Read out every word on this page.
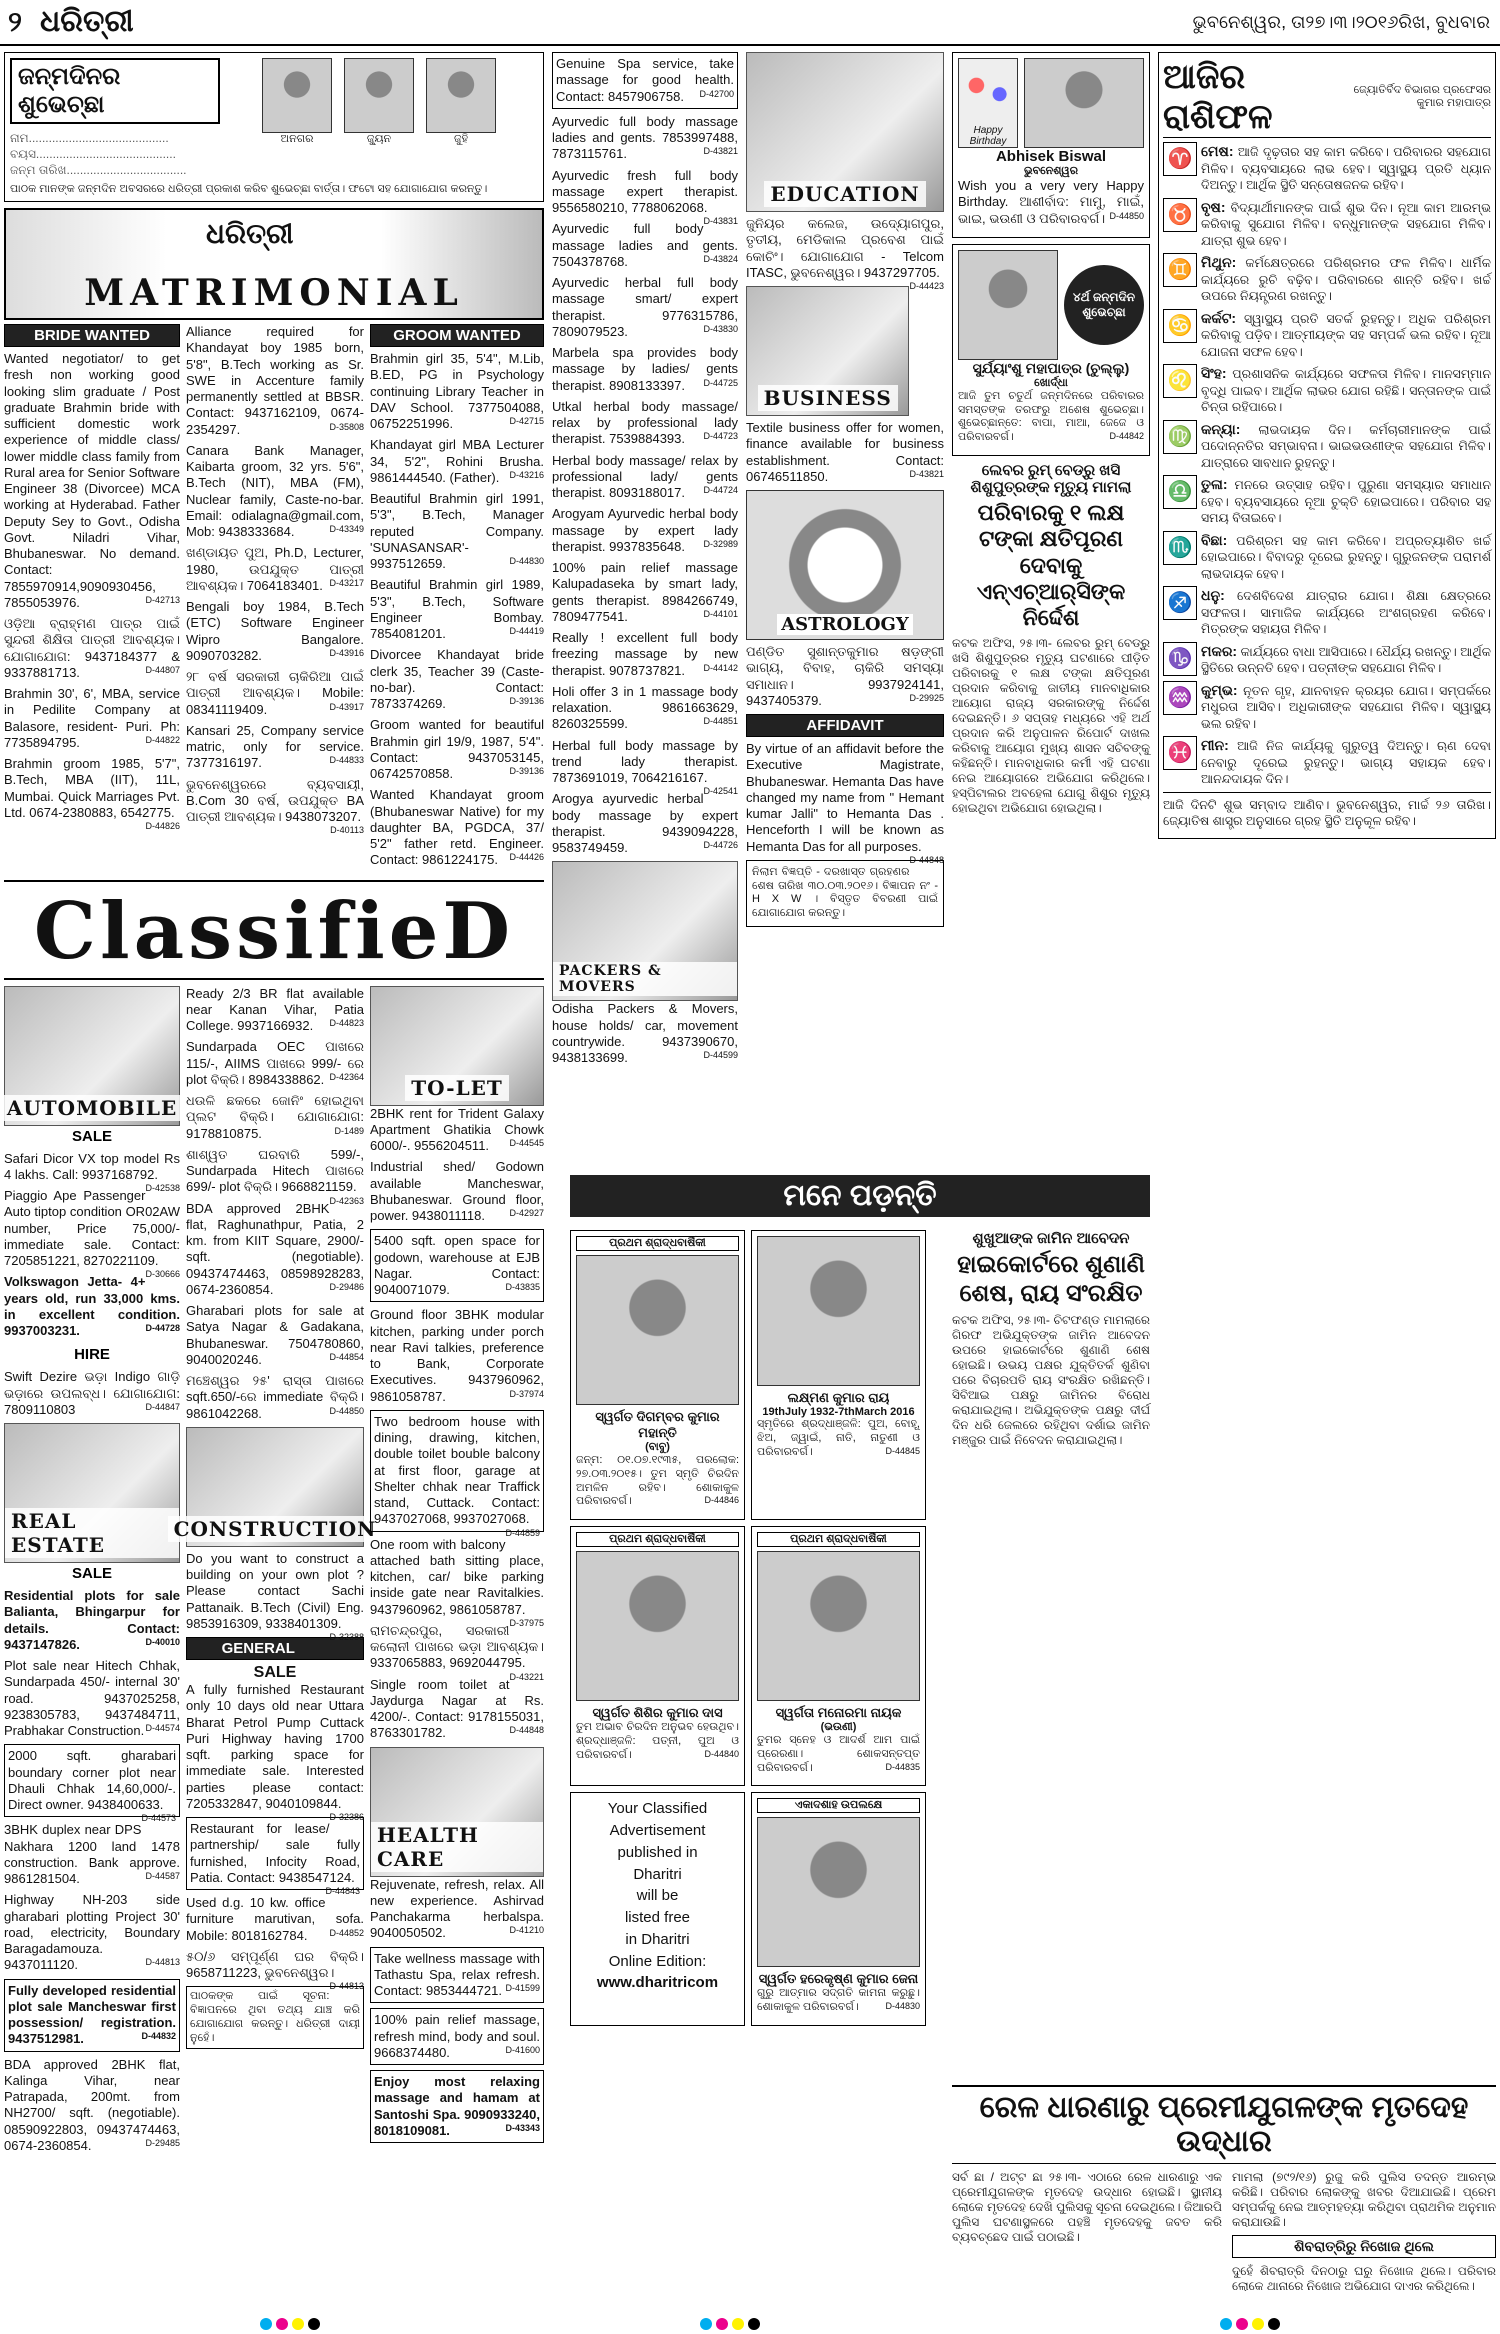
୨ ଧରିତ୍ରୀ	ଭୁବନେଶ୍ୱର, ତା୨୭।୩।୨୦୧୬ରିଖ, ବୁଧବାର
ଜନ୍ମଦିନର ଶୁଭେଚ୍ଛା
ନାମ..........................................
ବୟସ..........................................
ଜନ୍ମ ତାରିଖ....................................
ଅନଗର	ଜ୍ୟୁନ	ଜୁହି
ପାଠକ ମାନଙ୍କ ଜନ୍ମଦିନ ଅବସରରେ ଧରିତ୍ରୀ ପ୍ରକାଶ କରିବ ଶୁଭେଚ୍ଛା ବାର୍ତ୍ତା। ଫଟୋ ସହ ଯୋଗାଯୋଗ କରନ୍ତୁ।
MATRIMONIAL
ଧରିତ୍ରୀ
BRIDE WANTED
Wanted negotiator/ to get fresh non working good looking slim graduate / Post graduate Brahmin bride with sufficient domestic work experience of middle class/ lower middle class family from Rural area for Senior Software Engineer 38 (Divorcee) MCA working at Hyderabad. Father Deputy Sey to Govt., Odisha Govt. Niladri Vihar, Bhubaneswar. No demand. Contact: 7855970914,9090930456, 7855053976.	D-42713
ଓଡ଼ିଆ ବ୍ରାହ୍ମଣ ପାତ୍ର ପାଇଁ ସୁନ୍ଦରୀ ଶିକ୍ଷିତା ପାତ୍ରୀ ଆବଶ୍ୟକ। ଯୋଗାଯୋଗ: 9437184377 & 9337881713.	D-44807
Brahmin 30', 6', MBA, service in Pedilite Company at Balasore, resident- Puri. Ph: 7735894795.	D-44822
Brahmin groom 1985, 5'7", B.Tech, MBA (IIT), 11L, Mumbai. Quick Marriages Pvt. Ltd. 0674-2380883, 6542775.
D-44826
Alliance required for Khandayat boy 1985 born, 5'8", B.Tech working as Sr. SWE in Accenture family permanently settled at BBSR. Contact: 9437162109, 0674-2354297.	D-35808
Canara Bank Manager, Kaibarta groom, 32 yrs. 5'6", B.Tech (NIT), MBA (FM), Nuclear family, Caste-no-bar. Email: odialagna@gmail.com, Mob: 9438333684.	D-43349
ଖଣ୍ଡାୟତ ପୁଅ, Ph.D, Lecturer, 1980, ଉପଯୁକ୍ତ ପାତ୍ରୀ ଆବଶ୍ୟକ। 7064183401. D-43217
Bengali boy 1984, B.Tech (ETC) Software Engineer Wipro Bangalore. 9090703282.	D-43916
୨୮ ବର୍ଷ ସରକାରୀ ଚାକିରିଆ ପାଇଁ ପାତ୍ରୀ ଆବଶ୍ୟକ। Mobile: 08341119409.	D-43917
Kansari 25, Company service matric, only for service. 7377316197.	D-44833
ଭୁବନେଶ୍ୱରରେ ବ୍ୟବସାୟୀ, B.Com 30 ବର୍ଷ, ଉପଯୁକ୍ତ BA ପାତ୍ରୀ ଆବଶ୍ୟକ। 9438073207.
D-40113
GROOM WANTED
Brahmin girl 35, 5'4", M.Lib, B.ED, PG in Psychology continuing Library Teacher in DAV School. 7377504088, 06752251996.	D-42715
Khandayat girl MBA Lecturer 34, 5'2", Rohini Brusha. 9861444540. (Father). D-43216
Beautiful Brahmin girl 1991, 5'3", B.Tech, Manager reputed Company. 'SUNASANSAR'- 9937512659.	D-44830
Beautiful Brahmin girl 1989, 5'3", B.Tech, Software Engineer Bombay. 7854081201.	D-44419
Divorcee Khandayat bride clerk 35, Teacher 39 (Caste-no-bar). Contact: 7873374269.	D-39136
Groom wanted for beautiful Brahmin girl 19/9, 1987, 5'4". Contact: 9437053145, 06742570858.	D-39136
Wanted Khandayat groom (Bhubaneswar Native) for my daughter BA, PGDCA, 37/ 5'2" father retd. Engineer. Contact: 9861224175. D-44426
ClassifieD
AUTOMOBILE
SALE
Safari Dicor VX top model Rs 4 lakhs. Call: 9937168792.
D-42538
Piaggio Ape Passenger Auto tiptop condition OR02AW number, Price 75,000/- immediate sale. Contact: 7205851221, 8270221109.
D-30666
Volkswagon Jetta- 4+ years old, run 33,000 kms. in excellent condition. 9937003231.	D-44728
HIRE
Swift Dezire ଭଡ଼ା Indigo ଗାଡ଼ି ଭଡ଼ାରେ ଉପଲବ୍ଧ। ଯୋଗାଯୋଗ: 7809110803	D-44847
REAL ESTATE
SALE
Residential plots for sale Balianta, Bhingarpur for details. Contact: 9437147826.	D-40010
Plot sale near Hitech Chhak, Sundarpada 450/- internal 30' road. 9437025258, 9238305783, 9437484711, Prabhakar Construction. D-44574
2000 sqft. gharabari boundary corner plot near Dhauli Chhak 14,60,000/-. Direct owner. 9438400633.
D-44573
3BHK duplex near DPS Nakhara 1200 land 1478 construction. Bank approve. 9861281504.	D-44587
Highway NH-203 side gharabari plotting Project 30' road, electricity, Boundary Baragadamouza. 9437011120.	D-44813
Fully developed residential plot sale Mancheswar first possession/ registration. 9437512981.	D-44832
BDA approved 2BHK flat, Kalinga Vihar, near Patrapada, 200mt. from NH2700/ sqft. (negotiable). 08590922803, 09437474463, 0674-2360854.	D-29485
Ready 2/3 BR flat available near Kanan Vihar, Patia College. 9937166932. D-44823
Sundarpada OEC ପାଖରେ 115/-, AIIMS ପାଖରେ 999/- ରେ plot ବିକ୍ରି। 8984338862. D-42364
ଧଉଳି ଛକରେ ଜୋନିଂ ହୋଇଥିବା ପ୍ଲଟ ବିକ୍ରି। ଯୋଗାଯୋଗ: 9178810875.	D-1489
ଶାଶ୍ୱତ ଘରବାରି 599/-, Sundarpada Hitech ପାଖରେ 699/- plot ବିକ୍ରି। 9668821159.
D-42363
BDA approved 2BHK flat, Raghunathpur, Patia, 2 km. from KIIT Square, 2900/- sqft. (negotiable). 09437474463, 08598928283, 0674-2360854.	D-29486
Gharabari plots for sale at Satya Nagar & Gadakana, Bhubaneswar. 7504780860, 9040020246.	D-44854
ମଞ୍ଚେଶ୍ୱର ୨୫' ରାସ୍ତା ପାଖରେ sqft.650/-ରେ immediate ବିକ୍ରି। 9861042268.	D-44850
CONSTRUCTION
Do you want to construct a building on your own plot ? Please contact Sachi Pattanaik. B.Tech (Civil) Eng. 9853916309, 9338401309.
D-32388
GENERAL
SALE
A fully furnished Restaurant only 10 days old near Uttara Bharat Petrol Pump Cuttack Puri Highway having 1700 sqft. parking space for immediate sale. Interested parties please contact: 7205332847, 9040109844.
D-32386
Restaurant for lease/ partnership/ sale fully furnished, Infocity Road, Patia. Contact: 9438547124.
D-44843
Used d.g. 10 kw. office furniture marutivan, sofa. Mobile: 8018162784. D-44852
୫୦/୬ ସମ୍ପୂର୍ଣ୍ଣ ଘର ବିକ୍ରି। 9658711223, ଭୁବନେଶ୍ୱର।
D-44813
ପାଠକଙ୍କ ପାଇଁ ସୂଚନା: ବିଜ୍ଞାପନରେ ଥିବା ତଥ୍ୟ ଯାଞ୍ଚ କରି ଯୋଗାଯୋଗ କରନ୍ତୁ। ଧରିତ୍ରୀ ଦାୟୀ ନୁହେଁ।
TO-LET
2BHK rent for Trident Galaxy Apartment Ghatikia Chowk 6000/-. 9556204511. D-44545
Industrial shed/ Godown available Mancheswar, Bhubaneswar. Ground floor, power. 9438011118.	D-42927
5400 sqft. open space for godown, warehouse at EJB Nagar. Contact: 9040071079.	D-43835
Ground floor 3BHK modular kitchen, parking under porch near Ravi talkies, preference to Bank, Corporate Executives. 9437960962, 9861058787.	D-37974
Two bedroom house with dining, drawing, kitchen, double toilet bouble balcony at first floor, garage at Shelter chhak near Traffick stand, Cuttack. Contact: 9437027068, 9937027068.
D-44859
One room with balcony attached bath sitting place, kitchen, car/ bike parking inside gate near Ravitalkies. 9437960962, 9861058787.
D-37975
ରାମଚନ୍ଦ୍ରପୁର, ସରକାରୀ କଲୋନୀ ପାଖରେ ଭଡ଼ା ଆବଶ୍ୟକ। 9337065883, 9692044795.
D-43221
Single room toilet at Jaydurga Nagar at Rs. 4200/-. Contact: 9178155031, 8763301782.	D-44848
HEALTH CARE
Rejuvenate, refresh, relax. All new experience. Ashirvad Panchakarma herbalspa. 9040050502.	D-41210
Take wellness massage with Tathastu Spa, relax refresh. Contact: 9853444721. D-41599
100% pain relief massage, refresh mind, body and soul. 9668374480.	D-41600
Enjoy most relaxing massage and hamam at Santoshi Spa. 9090933240, 8018109081.	D-43343
Genuine Spa service, take massage for good health. Contact: 8457906758. D-42700
Ayurvedic full body massage ladies and gents. 7853997488, 7873115761.	D-43821
Ayurvedic fresh full body massage expert therapist. 9556580210, 7788062068.
D-43831
Ayurvedic full body massage ladies and gents. 7504378768.	D-43824
Ayurvedic herbal full body massage smart/ expert therapist. 9776315786, 7809079523.	D-43830
Marbela spa provides body massage by ladies/ gents therapist. 8908133397. D-44725
Utkal herbal body massage/ relax by professional lady therapist. 7539884393. D-44723
Herbal body massage/ relax by professional lady/ gents therapist. 8093188017. D-44724
Arogyam Ayurvedic herbal body massage by expert lady therapist. 9937835648. D-32989
100% pain relief massage Kalupadaseka by smart lady, gents therapist. 8984266749, 7809477541.	D-44101
Really ! excellent full body freezing massage by new therapist. 9078737821. D-44142
Holi offer 3 in 1 massage body relaxation. 9861663629, 8260325599.	D-44851
Herbal full body massage by trend lady therapist. 7873691019, 7064216167.
D-42541
Arogya ayurvedic herbal body massage by expert therapist. 9439094228, 9583749459.	D-44726
PACKERS & MOVERS
Odisha Packers & Movers, house holds/ car, movement countrywide. 9437390670, 9438133699.	D-44599
EDUCATION
ଜୁନିୟର କଲେଜ, ଉଦ୍ୟୋଗପୁର, ତୃତୀୟ, ମେଡିକାଲ ପ୍ରବେଶ ପାଇଁ କୋଚିଂ। ଯୋଗାଯୋଗ - Telcom ITASC, ଭୁବନେଶ୍ୱର। 9437297705.
D-44423
BUSINESS
Textile business offer for women, finance available for business establishment. Contact: 06746511850.	D-43821
ASTROLOGY
ପଣ୍ଡିତ ସୁଶାନ୍ତକୁମାର ଷଡ଼ଙ୍ଗୀ ଭାଗ୍ୟ, ବିବାହ, ଚାକିରି ସମସ୍ୟା ସମାଧାନ। 9937924141, 9437405379.	D-29925
AFFIDAVIT
By virtue of an affidavit before the Executive Magistrate, Bhubaneswar. Hemanta Das have changed my name from " Hemant kumar Jalli" to Hemanta Das . Henceforth I will be known as Hemanta Das for all purposes.
D-44848
ନିଲାମ ବିଜ୍ଞପ୍ତି - ଦରଖାସ୍ତ ଗ୍ରହଣର ଶେଷ ତାରିଖ ୩୦.୦୩.୨୦୧୬। ବିଜ୍ଞାପନ ନଂ - H X W । ବିସ୍ତୃତ ବିବରଣୀ ପାଇଁ ଯୋଗାଯୋଗ କରନ୍ତୁ।
Happy Birthday
Abhisek Biswal
ଭୁବନେଶ୍ୱର
Wish you a very very Happy Birthday. ଆଶୀର୍ବାଦ: ମାମୁ, ମାଇଁ, ଭାଇ, ଭଉଣୀ ଓ ପରିବାରବର୍ଗ। D-44850
୪ର୍ଥ ଜନ୍ମଦିନ ଶୁଭେଚ୍ଛା
ସୁର୍ଯ୍ୟାଂଶୁ ମହାପାତ୍ର (ଚୁଲ୍ଲୁ)
ଖୋର୍ଦ୍ଧା
ଆଜି ତୁମ ଚତୁର୍ଥ ଜନ୍ମଦିନରେ ପରିବାରର ସମସ୍ତଙ୍କ ତରଫରୁ ଅଶେଷ ଶୁଭେଚ୍ଛା। ଶୁଭେଚ୍ଛାନ୍ତେ: ବାପା, ମାଆ, ଜେଜେ ଓ ପରିବାରବର୍ଗ।	D-44842
ଲେବର ରୁମ୍ ବେଡ୍‌ରୁ ଖସି ଶିଶୁପୁତ୍ରଙ୍କ ମୃତ୍ୟୁ ମାମଲା
ପରିବାରକୁ ୧ ଲକ୍ଷ ଟଙ୍କା କ୍ଷତିପୂରଣ ଦେବାକୁ ଏନ୍‌ଏଚ୍‌ଆର୍‌ସିଙ୍କ ନିର୍ଦ୍ଦେଶ
କଟକ ଅଫିସ, ୨୫।୩- ଲେବର ରୁମ୍ ବେଡ୍‌ରୁ ଖସି ଶିଶୁପୁତ୍ରର ମୃତ୍ୟୁ ଘଟଣାରେ ପୀଡ଼ିତ ପରିବାରକୁ ୧ ଲକ୍ଷ ଟଙ୍କା କ୍ଷତିପୂରଣ ପ୍ରଦାନ କରିବାକୁ ଜାତୀୟ ମାନବାଧିକାର ଆୟୋଗ ରାଜ୍ୟ ସରକାରଙ୍କୁ ନିର୍ଦ୍ଦେଶ ଦେଇଛନ୍ତି। ୬ ସପ୍ତାହ ମଧ୍ୟରେ ଏହି ଅର୍ଥ ପ୍ରଦାନ କରି ଅନୁପାଳନ ରିପୋର୍ଟ ଦାଖଲ କରିବାକୁ ଆୟୋଗ ମୁଖ୍ୟ ଶାସନ ସଚିବଙ୍କୁ କହିଛନ୍ତି। ମାନବାଧିକାର କର୍ମୀ ଏହି ଘଟଣା ନେଇ ଆୟୋଗରେ ଅଭିଯୋଗ କରିଥିଲେ। ହସ୍ପିଟାଲର ଅବହେଳା ଯୋଗୁ ଶିଶୁର ମୃତ୍ୟୁ ହୋଇଥିବା ଅଭିଯୋଗ ହୋଇଥିଲା।
ମନେ ପଡ଼ନ୍ତି
ପ୍ରଥମ ଶ୍ରାଦ୍ଧବାର୍ଷିକୀ
ସ୍ୱର୍ଗତ ଦିଗମ୍ବର କୁମାର ମହାନ୍ତି
(ବାବୁ)
ଜନ୍ମ: ୦୧.୦୭.୧୯୩୫, ପରଲୋକ: ୨୭.୦୩.୨୦୧୫। ତୁମ ସ୍ମୃତି ଚିରଦିନ ଅମଳିନ ରହିବ। ଶୋକାକୁଳ ପରିବାରବର୍ଗ।	D-44846
ଲକ୍ଷ୍ମଣ କୁମାର ରାୟ
19thJuly 1932-7thMarch 2016
ସ୍ମୃତିରେ ଶ୍ରଦ୍ଧାଞ୍ଜଳି: ପୁଅ, ବୋହୂ, ଝିଅ, ଜ୍ୱାଇଁ, ନାତି, ନାତୁଣୀ ଓ ପରିବାରବର୍ଗ।	D-44845
ପ୍ରଥମ ଶ୍ରାଦ୍ଧବାର୍ଷିକୀ
ସ୍ୱର୍ଗତ ଶିଶିର କୁମାର ଦାସ
ତୁମ ଅଭାବ ଚିରଦିନ ଅନୁଭବ ହେଉଥିବ। ଶ୍ରଦ୍ଧାଞ୍ଜଳି: ପତ୍ନୀ, ପୁଅ ଓ ପରିବାରବର୍ଗ।	D-44840
ପ୍ରଥମ ଶ୍ରାଦ୍ଧବାର୍ଷିକୀ
ସ୍ୱର୍ଗତା ମନୋରମା ନାୟକ
(ଭଉଣୀ)
ତୁମର ସ୍ନେହ ଓ ଆଦର୍ଶ ଆମ ପାଇଁ ପ୍ରେରଣା। ଶୋକସନ୍ତପ୍ତ ପରିବାରବର୍ଗ।	D-44835
Your Classified
Advertisement
published in
Dharitri
will be
listed free
in Dharitri
Online Edition:
www.dharitricom
ଏକାଦଶାହ ଉପଲକ୍ଷେ
ସ୍ୱର୍ଗତ ହରେକୃଷ୍ଣ କୁମାର ଜେନା
ଗୁରୁ ଆତ୍ମାର ସଦ୍‌ଗତି କାମନା କରୁଛୁ। ଶୋକାକୁଳ ପରିବାରବର୍ଗ।	D-44830
ଶୁଖୁଆଙ୍କ ଜାମିନ ଆବେଦନ
ହାଇକୋର୍ଟରେ ଶୁଣାଣି ଶେଷ, ରାୟ ସଂରକ୍ଷିତ
କଟକ ଅଫିସ, ୨୫।୩- ଚିଟଫଣ୍ଡ ମାମଲାରେ ଗିରଫ ଅଭିଯୁକ୍ତଙ୍କ ଜାମିନ ଆବେଦନ ଉପରେ ହାଇକୋର୍ଟରେ ଶୁଣାଣି ଶେଷ ହୋଇଛି। ଉଭୟ ପକ୍ଷର ଯୁକ୍ତିତର୍କ ଶୁଣିବା ପରେ ବିଚାରପତି ରାୟ ସଂରକ୍ଷିତ ରଖିଛନ୍ତି। ସିବିଆଇ ପକ୍ଷରୁ ଜାମିନର ବିରୋଧ କରାଯାଇଥିଲା। ଅଭିଯୁକ୍ତଙ୍କ ପକ୍ଷରୁ ଦୀର୍ଘ ଦିନ ଧରି ଜେଲରେ ରହିଥିବା ଦର୍ଶାଇ ଜାମିନ ମଞ୍ଜୁର ପାଇଁ ନିବେଦନ କରାଯାଇଥିଲା।
ଆଜିର ରାଶିଫଳ
ଜ୍ୟୋତିର୍ବିଦ ବିଭାଗର ପ୍ରଫେସର କୁମାର ମହାପାତ୍ର
♈ ମେଷ: ଆଜି ଦୃଢ଼ତାର ସହ କାମ କରିବେ। ପରିବାରର ସହଯୋଗ ମିଳିବ। ବ୍ୟବସାୟରେ ଲାଭ ହେବ। ସ୍ୱାସ୍ଥ୍ୟ ପ୍ରତି ଧ୍ୟାନ ଦିଅନ୍ତୁ। ଆର୍ଥିକ ସ୍ଥିତି ସନ୍ତୋଷଜନକ ରହିବ।
♉ ବୃଷ: ବିଦ୍ୟାର୍ଥୀମାନଙ୍କ ପାଇଁ ଶୁଭ ଦିନ। ନୂଆ କାମ ଆରମ୍ଭ କରିବାକୁ ସୁଯୋଗ ମିଳିବ। ବନ୍ଧୁମାନଙ୍କ ସହଯୋଗ ମିଳିବ। ଯାତ୍ରା ଶୁଭ ହେବ।
♊ ମିଥୁନ: କର୍ମକ୍ଷେତ୍ରରେ ପରିଶ୍ରମର ଫଳ ମିଳିବ। ଧାର୍ମିକ କାର୍ଯ୍ୟରେ ରୁଚି ବଢ଼ିବ। ପରିବାରରେ ଶାନ୍ତି ରହିବ। ଖର୍ଚ୍ଚ ଉପରେ ନିୟନ୍ତ୍ରଣ ରଖନ୍ତୁ।
♋ କର୍କଟ: ସ୍ୱାସ୍ଥ୍ୟ ପ୍ରତି ସତର୍କ ରୁହନ୍ତୁ। ଅଧିକ ପରିଶ୍ରମ କରିବାକୁ ପଡ଼ିବ। ଆତ୍ମୀୟଙ୍କ ସହ ସମ୍ପର୍କ ଭଲ ରହିବ। ନୂଆ ଯୋଜନା ସଫଳ ହେବ।
♌ ସିଂହ: ପ୍ରଶାସନିକ କାର୍ଯ୍ୟରେ ସଫଳତା ମିଳିବ। ମାନସମ୍ମାନ ବୃଦ୍ଧି ପାଇବ। ଆର୍ଥିକ ଲାଭର ଯୋଗ ରହିଛି। ସନ୍ତାନଙ୍କ ପାଇଁ ଚିନ୍ତା ରହିପାରେ।
♍ କନ୍ୟା: ଲାଭଦାୟକ ଦିନ। କର୍ମଚାରୀମାନଙ୍କ ପାଇଁ ପଦୋନ୍ନତିର ସମ୍ଭାବନା। ଭାଇଭଉଣୀଙ୍କ ସହଯୋଗ ମିଳିବ। ଯାତ୍ରାରେ ସାବଧାନ ରୁହନ୍ତୁ।
♎ ତୁଳା: ମନରେ ଉତ୍ସାହ ରହିବ। ପୁରୁଣା ସମସ୍ୟାର ସମାଧାନ ହେବ। ବ୍ୟବସାୟରେ ନୂଆ ଚୁକ୍ତି ହୋଇପାରେ। ପରିବାର ସହ ସମୟ ବିତାଇବେ।
♏ ବିଛା: ପରିଶ୍ରମ ସହ କାମ କରିବେ। ଅପ୍ରତ୍ୟାଶିତ ଖର୍ଚ୍ଚ ହୋଇପାରେ। ବିବାଦରୁ ଦୂରେଇ ରୁହନ୍ତୁ। ଗୁରୁଜନଙ୍କ ପରାମର୍ଶ ଲାଭଦାୟକ ହେବ।
♐ ଧନୁ: ଦେଶବିଦେଶ ଯାତ୍ରାର ଯୋଗ। ଶିକ୍ଷା କ୍ଷେତ୍ରରେ ସଫଳତା। ସାମାଜିକ କାର୍ଯ୍ୟରେ ଅଂଶଗ୍ରହଣ କରିବେ। ମିତ୍ରଙ୍କ ସହାୟତା ମିଳିବ।
♑ ମକର: କାର୍ଯ୍ୟରେ ବାଧା ଆସିପାରେ। ଧୈର୍ଯ୍ୟ ରଖନ୍ତୁ। ଆର୍ଥିକ ସ୍ଥିତିରେ ଉନ୍ନତି ହେବ। ପତ୍ନୀଙ୍କ ସହଯୋଗ ମିଳିବ।
♒ କୁମ୍ଭ: ନୂତନ ଗୃହ, ଯାନବାହନ କ୍ରୟର ଯୋଗ। ସମ୍ପର୍କରେ ମଧୁରତା ଆସିବ। ଅଧିକାରୀଙ୍କ ସହଯୋଗ ମିଳିବ। ସ୍ୱାସ୍ଥ୍ୟ ଭଲ ରହିବ।
♓ ମୀନ: ଆଜି ନିଜ କାର୍ଯ୍ୟକୁ ଗୁରୁତ୍ୱ ଦିଅନ୍ତୁ। ଋଣ ଦେବା ନେବାରୁ ଦୂରେଇ ରୁହନ୍ତୁ। ଭାଗ୍ୟ ସହାୟକ ହେବ। ଆନନ୍ଦଦାୟକ ଦିନ।
ଆଜି ଦିନଟି ଶୁଭ ସମ୍ବାଦ ଆଣିବ। ଭୁବନେଶ୍ୱର, ମାର୍ଚ୍ଚ ୨୬ ତାରିଖ। ଜ୍ୟୋତିଷ ଶାସ୍ତ୍ର ଅନୁସାରେ ଗ୍ରହ ସ୍ଥିତି ଅନୁକୂଳ ରହିବ।
ରେଳ ଧାରଣାରୁ ପ୍ରେମୀଯୁଗଳଙ୍କ ମୃତଦେହ ଉଦ୍ଧାର
ସର୍ବ ଛା / ଅଟ୍ଟ ଛା ୨୫।୩- ଏଠାରେ ରେଳ ଧାରଣାରୁ ଏକ ପ୍ରେମୀଯୁଗଳଙ୍କ ମୃତଦେହ ଉଦ୍ଧାର ହୋଇଛି। ସ୍ଥାନୀୟ ଲୋକେ ମୃତଦେହ ଦେଖି ପୁଲିସକୁ ସୂଚନା ଦେଇଥିଲେ। ଜିଆରପି ପୁଲିସ ଘଟଣାସ୍ଥଳରେ ପହଞ୍ଚି ମୃତଦେହକୁ ଜବତ କରି ବ୍ୟବଚ୍ଛେଦ ପାଇଁ ପଠାଇଛି।
ମାମଲା (୭୯୨/୧୬) ରୁଜୁ କରି ପୁଲିସ ତଦନ୍ତ ଆରମ୍ଭ କରିଛି। ପରିବାର ଲୋକଙ୍କୁ ଖବର ଦିଆଯାଇଛି। ପ୍ରେମ ସମ୍ପର୍କକୁ ନେଇ ଆତ୍ମହତ୍ୟା କରିଥିବା ପ୍ରାଥମିକ ଅନୁମାନ କରାଯାଉଛି।
ଶିବରାତ୍ରିରୁ ନିଖୋଜ ଥିଲେ
ଦୁହେଁ ଶିବରାତ୍ରି ଦିନଠାରୁ ଘରୁ ନିଖୋଜ ଥିଲେ। ପରିବାର ଲୋକେ ଥାନାରେ ନିଖୋଜ ଅଭିଯୋଗ ଦାଏର କରିଥିଲେ।
